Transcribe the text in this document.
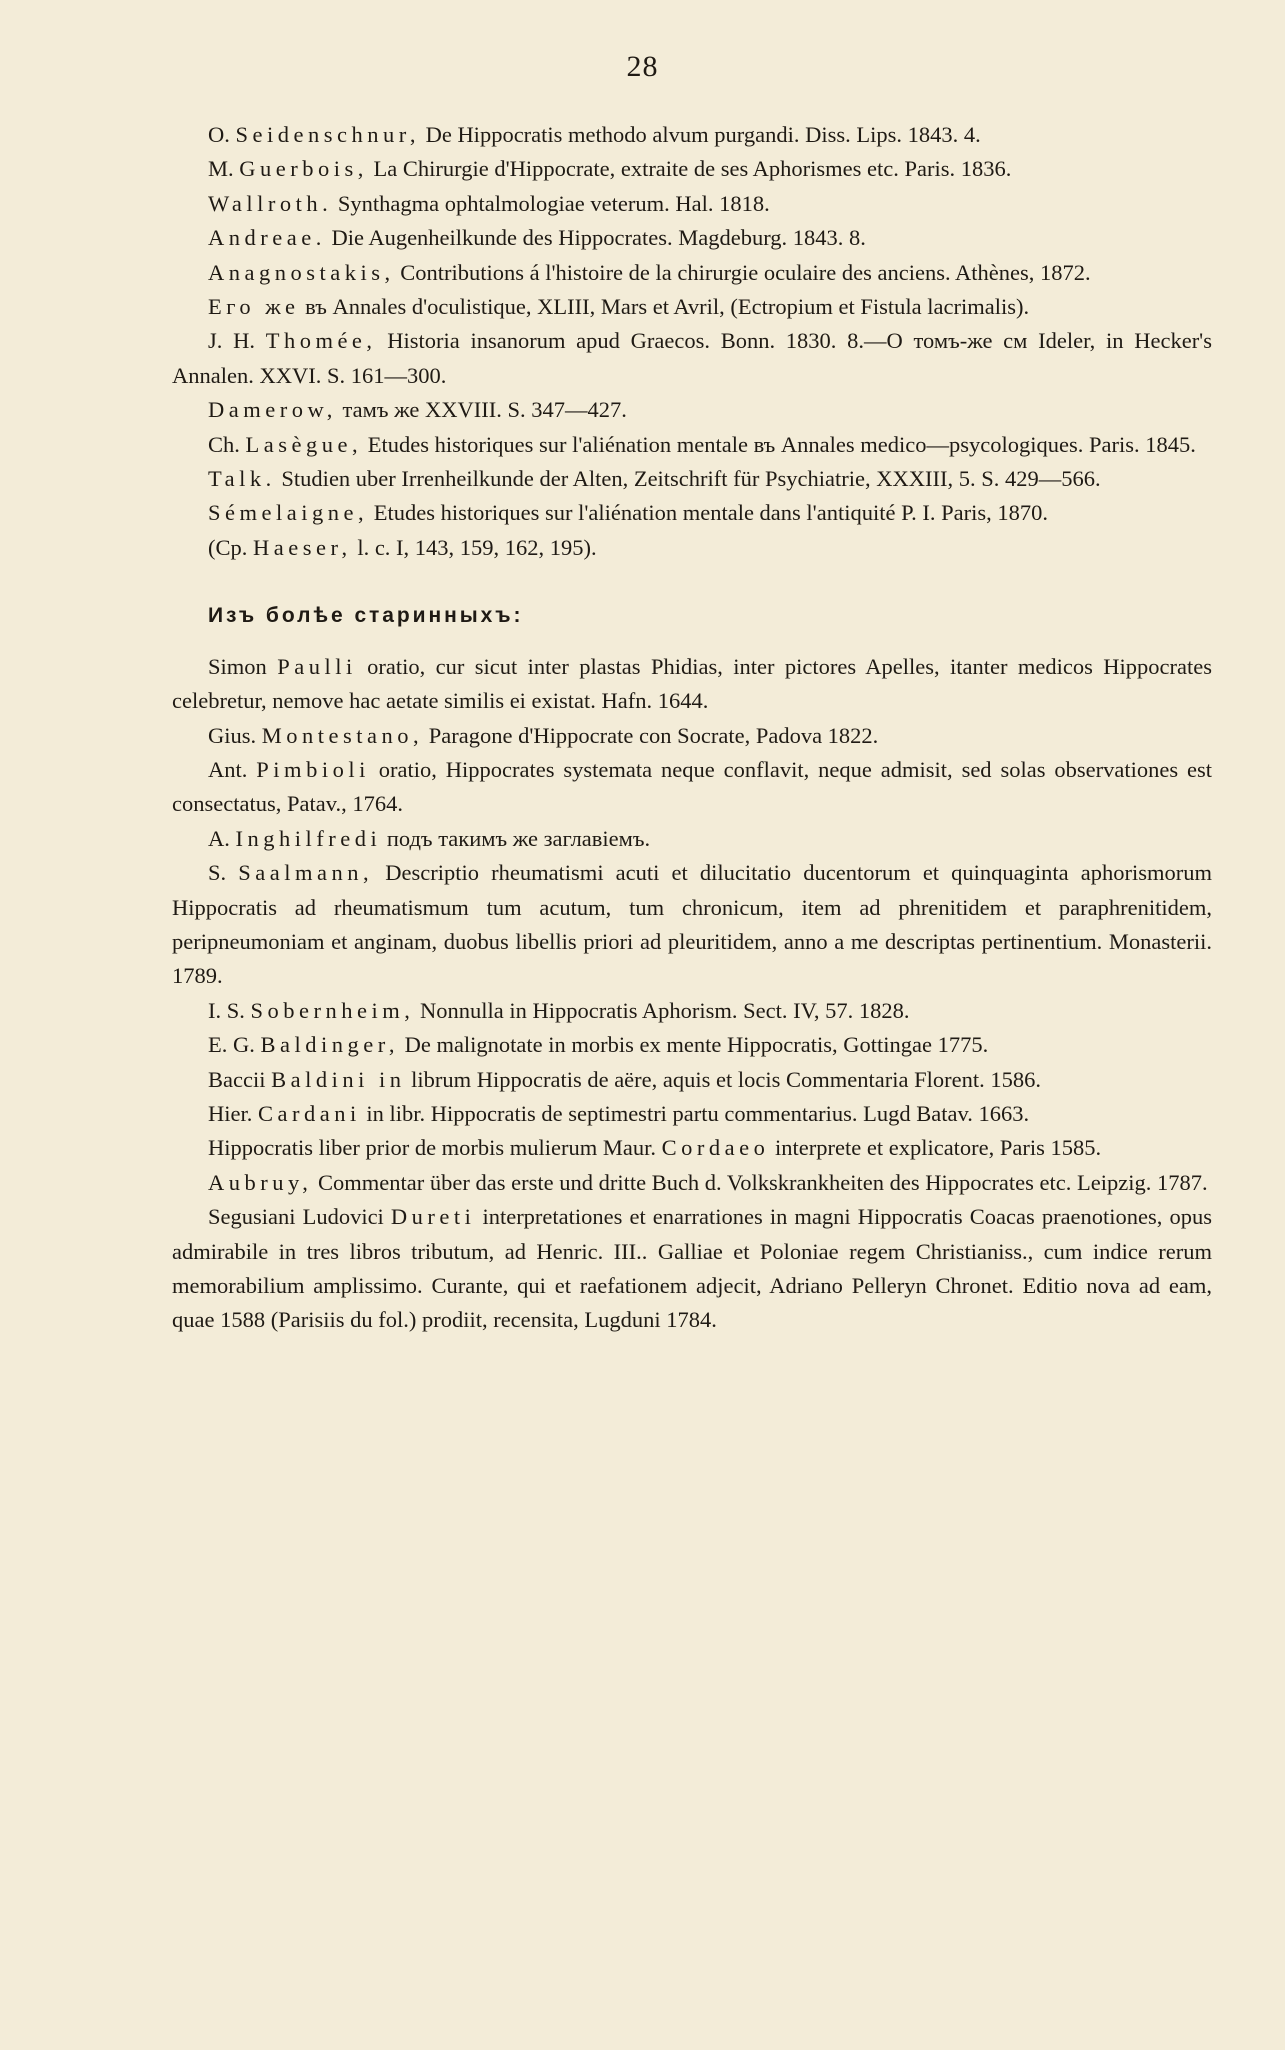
28

O. Seidenschnur, De Hippocratis methodo alvum purgandi. Diss. Lips. 1843. 4.

M. Guerbois, La Chirurgie d'Hippocrate, extraite de ses Aphorismes etc. Paris. 1836.

Wallroth. Synthagma ophtalmologiae veterum. Hal. 1818.

Andreae. Die Augenheilkunde des Hippocrates. Magdeburg. 1843. 8.

Anagnostakis, Contributions á l'histoire de la chirurgie oculaire des anciens. Athènes, 1872.

Его же въ Annales d'oculistique, XLIII, Mars et Avril, (Ectropium et Fistula lacrimalis).

J. H. Thomée, Historia insanorum apud Graecos. Bonn. 1830. 8.—О томъ-же см Ideler, in Hecker's Annalen. XXVI. S. 161—300.

Damerow, тамъ же XXVIII. S. 347—427.

Ch. Lasègue, Etudes historiques sur l'aliénation mentale въ Annales medico—psycologiques. Paris. 1845.

Talk. Studien uber Irrenheilkunde der Alten, Zeitschrift für Psychiatrie, XXXIII, 5. S. 429—566.

Sémelaigne, Etudes historiques sur l'aliénation mentale dans l'antiquité P. I. Paris, 1870.

(Ср. Haeser, l. c. I, 143, 159, 162, 195).

Изъ болѣе старинныхъ:

Simon Paulli oratio, cur sicut inter plastas Phidias, inter pictores Apelles, itanter medicos Hippocrates celebretur, nemove hac aetate similis ei existat. Hafn. 1644.

Gius. Montestano, Paragone d'Hippocrate con Socrate, Padova 1822.

Ant. Pimbioli oratio, Hippocrates systemata neque conflavit, neque admisit, sed solas observationes est consectatus, Patav., 1764.

A. Inghilfredi подъ такимъ же заглавіемъ.

S. Saalmann, Descriptio rheumatismi acuti et dilucitatio ducentorum et quinquaginta aphorismorum Hippocratis ad rheumatismum tum acutum, tum chronicum, item ad phrenitidem et paraphrenitidem, peripneumoniam et anginam, duobus libellis priori ad pleuritidem, anno a me descriptas pertinentium. Monasterii. 1789.

I. S. Sobernheim, Nonnulla in Hippocratis Aphorism. Sect. IV, 57. 1828.

E. G. Baldinger, De malignotate in morbis ex mente Hippocratis, Gottingae 1775.

Baccii Baldini in librum Hippocratis de aëre, aquis et locis Commentaria Florent. 1586.

Hier. Cardani in libr. Hippocratis de septimestri partu commentarius. Lugd Batav. 1663.

Hippocratis liber prior de morbis mulierum Maur. Cordaeo interprete et explicatore, Paris 1585.

Aubruy, Commentar über das erste und dritte Buch d. Volkskrankheiten des Hippocrates etc. Leipzig. 1787.

Segusiani Ludovici Dureti interpretationes et enarrationes in magni Hippocratis Coacas praenotiones, opus admirabile in tres libros tributum, ad Henric. III.. Galliae et Poloniae regem Christianiss., cum indice rerum memorabilium amplissimo. Curante, qui et raefationem adjecit, Adriano Pelleryn Chronet. Editio nova ad eam, quae 1588 (Parisiis du fol.) prodiit, recensita, Lugduni 1784.
